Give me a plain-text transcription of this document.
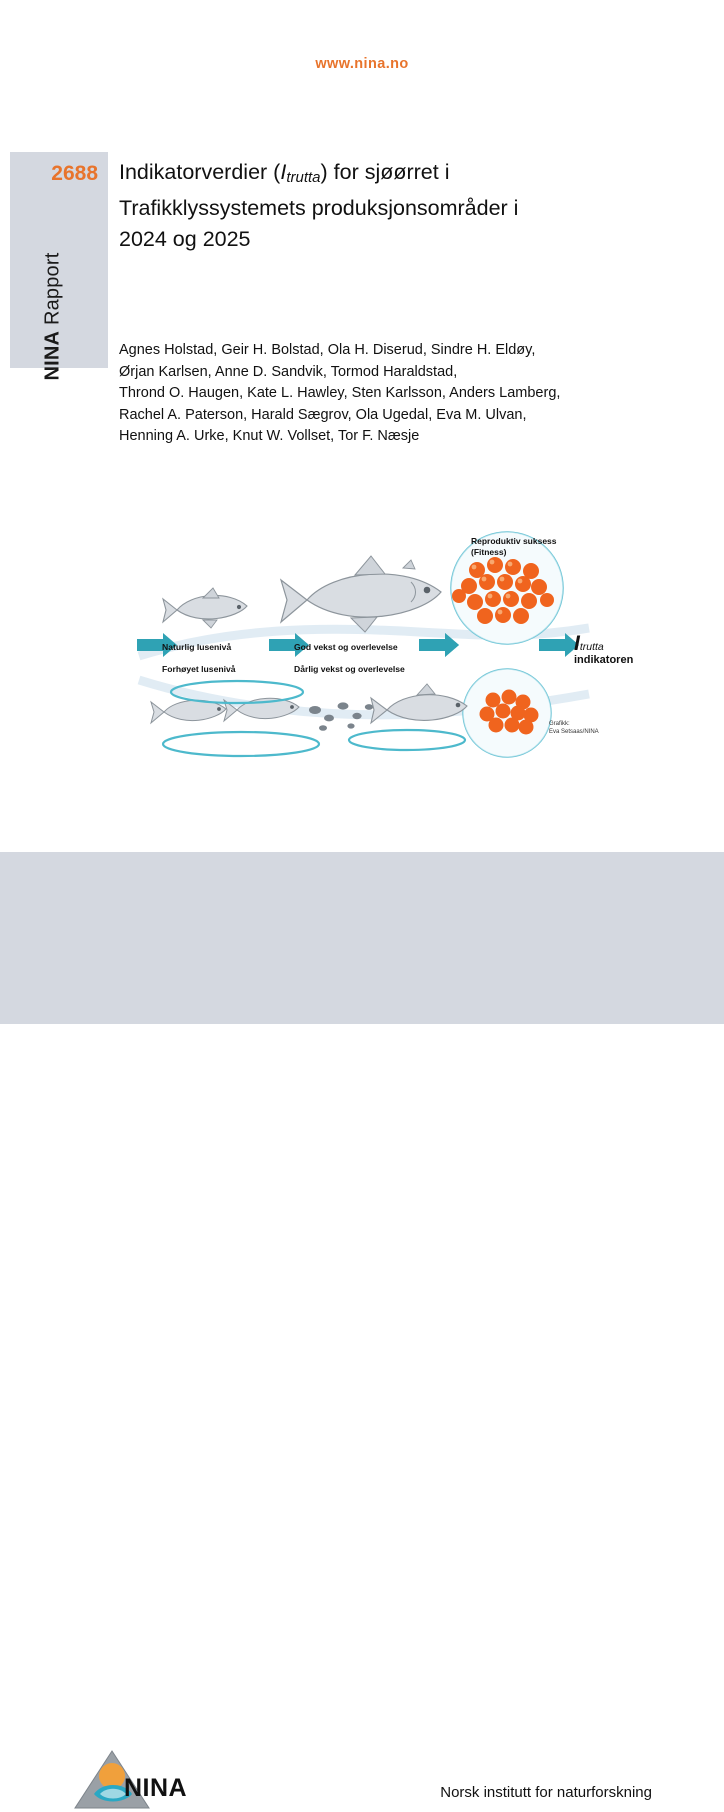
www.nina.no
2688
NINA Rapport
Indikatorverdier $(I_{trutta})$ for sjøørret i
Trafikklyssystemets produksjonsområder i
2024 og 2025
Agnes Holstad, Geir H. Bolstad, Ola H. Diserud, Sindre H. Eldøy,
Ørjan Karlsen, Anne D. Sandvik, Tormod Haraldstad,
Thrond O. Haugen, Kate L. Hawley, Sten Karlsson, Anders Lamberg,
Rachel A. Paterson, Harald Sægrov, Ola Ugedal, Eva M. Ulvan,
Henning A. Urke, Knut W. Vollset, Tor F. Næsje
Reproduktiv suksess
(Fitness)
Naturlig lusenivå
Forhøyet lusenivå
God vekst og overlevelse
Dårlig vekst og overlevelse
Itrutta
indikatoren
Grafikk:
Eva Setsaas/NINA
NINA	Norsk institutt for naturforskning
